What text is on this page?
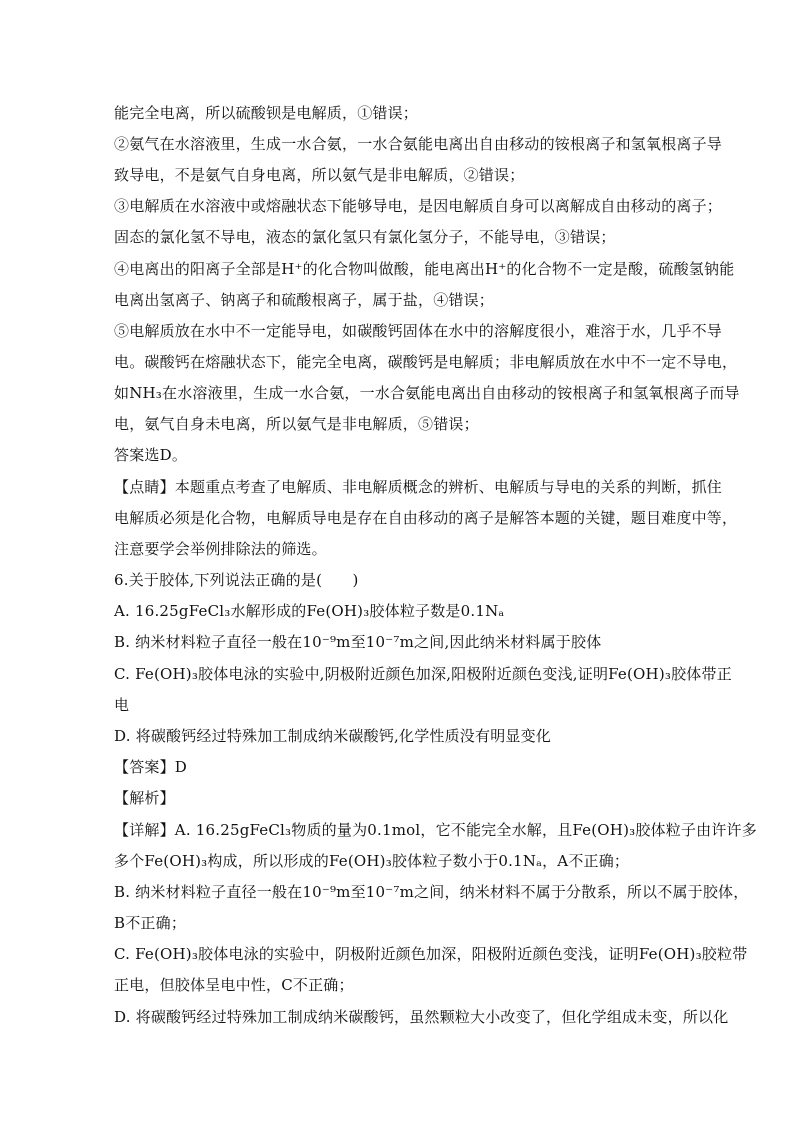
能完全电离，所以硫酸钡是电解质，①错误；
②氨气在水溶液里，生成一水合氨，一水合氨能电离出自由移动的铵根离子和氢氧根离子导
致导电，不是氨气自身电离，所以氨气是非电解质，②错误；
③电解质在水溶液中或熔融状态下能够导电，是因电解质自身可以离解成自由移动的离子；
固态的氯化氢不导电，液态的氯化氢只有氯化氢分子，不能导电，③错误；
④电离出的阳离子全部是H⁺的化合物叫做酸，能电离出H⁺的化合物不一定是酸，硫酸氢钠能
电离出氢离子、钠离子和硫酸根离子，属于盐，④错误；
⑤电解质放在水中不一定能导电，如碳酸钙固体在水中的溶解度很小，难溶于水，几乎不导
电。碳酸钙在熔融状态下，能完全电离，碳酸钙是电解质；非电解质放在水中不一定不导电，
如NH₃在水溶液里，生成一水合氨，一水合氨能电离出自由移动的铵根离子和氢氧根离子而导
电，氨气自身未电离，所以氨气是非电解质，⑤错误；
答案选D。
【点睛】本题重点考查了电解质、非电解质概念的辨析、电解质与导电的关系的判断，抓住
电解质必须是化合物，电解质导电是存在自由移动的离子是解答本题的关键，题目难度中等，
注意要学会举例排除法的筛选。
6.关于胶体,下列说法正确的是(　　)
A. 16.25gFeCl₃水解形成的Fe(OH)₃胶体粒子数是0.1Nₐ
B. 纳米材料粒子直径一般在10⁻⁹m至10⁻⁷m之间,因此纳米材料属于胶体
C. Fe(OH)₃胶体电泳的实验中,阴极附近颜色加深,阳极附近颜色变浅,证明Fe(OH)₃胶体带正
电
D. 将碳酸钙经过特殊加工制成纳米碳酸钙,化学性质没有明显变化
【答案】D
【解析】
【详解】A. 16.25gFeCl₃物质的量为0.1mol，它不能完全水解，且Fe(OH)₃胶体粒子由许许多
多个Fe(OH)₃构成，所以形成的Fe(OH)₃胶体粒子数小于0.1Nₐ，A不正确；
B. 纳米材料粒子直径一般在10⁻⁹m至10⁻⁷m之间，纳米材料不属于分散系，所以不属于胶体，
B不正确；
C. Fe(OH)₃胶体电泳的实验中，阴极附近颜色加深，阳极附近颜色变浅，证明Fe(OH)₃胶粒带
正电，但胶体呈电中性，C不正确；
D. 将碳酸钙经过特殊加工制成纳米碳酸钙，虽然颗粒大小改变了，但化学组成未变，所以化
